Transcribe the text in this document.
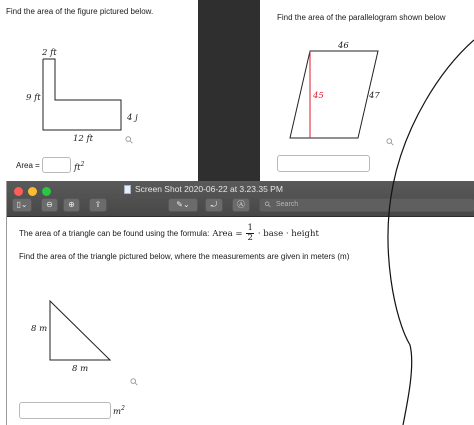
Find the area of the figure pictured below.
2 ft
9 ft
4 j
12 ft	⚲
Area =	$ft^2$
Find the area of the parallelogram shown below
46
45	47
⚲
Screen Shot 2020-06-22 at 3.23.35 PM
▯⌄	⊖	⊕	⇪	✎⌄	⤾	Ⓐ	⚲ Search
The area of a triangle can be found using the formula: Area = $\frac{1}{2}$ · base · height
Find the area of the triangle pictured below, where the measurements are given in meters (m)
8 m
8 m
⚲
$m^2$
